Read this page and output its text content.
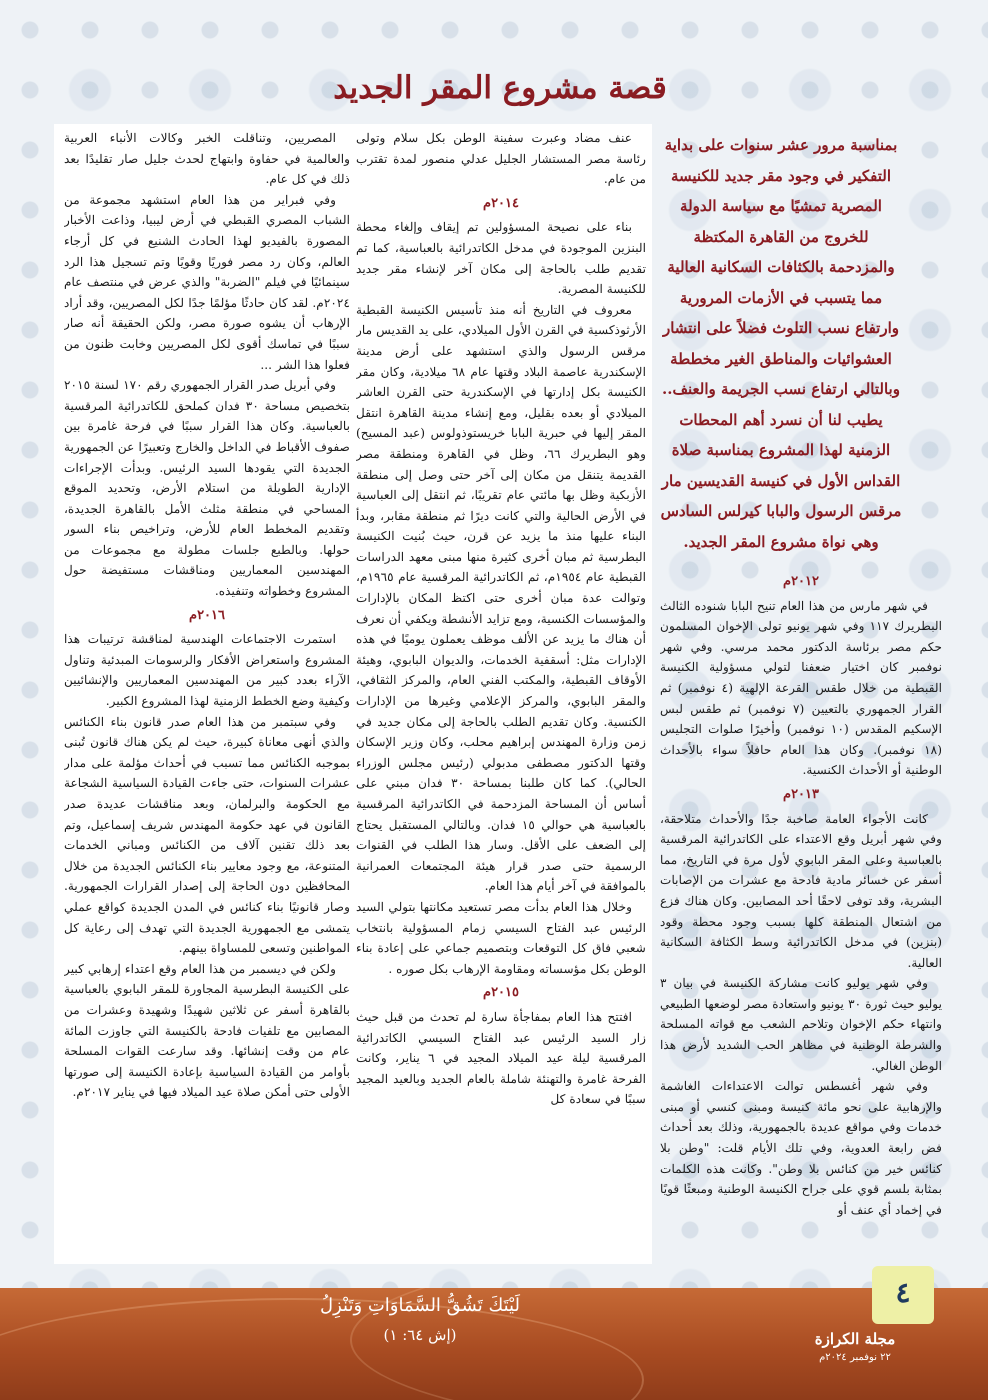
قصة مشروع المقر الجديد

بمناسبة مرور عشر سنوات على بداية التفكير في وجود مقر جديد للكنيسة المصرية تمشيًا مع سياسة الدولة للخروج من القاهرة المكتظة والمزدحمة بالكثافات السكانية العالية مما يتسبب في الأزمات المرورية وارتفاع نسب التلوث فضلاً على انتشار العشوائيات والمناطق الغير مخططة وبالتالي ارتفاع نسب الجريمة والعنف.. يطيب لنا أن نسرد أهم المحطات الزمنية لهذا المشروع بمناسبة صلاة القداس الأول في كنيسة القديسين مار مرقس الرسول والبابا كيرلس السادس وهي نواة مشروع المقر الجديد.

٢٠١٢م

في شهر مارس من هذا العام تنيح البابا شنوده الثالث البطريرك ١١٧ وفي شهر يونيو تولى الإخوان المسلمون حكم مصر برئاسة الدكتور محمد مرسي. وفي شهر نوفمبر كان اختيار ضعفنا لتولي مسؤولية الكنيسة القبطية من خلال طقس القرعة الإلهية (٤ نوفمبر) ثم القرار الجمهوري بالتعيين (٧ نوفمبر) ثم طقس لبس الإسكيم المقدس (١٠ نوفمبر) وأخيرًا صلوات التجليس (١٨ نوفمبر). وكان هذا العام حافلاً سواء بالأحداث الوطنية أو الأحداث الكنسية.

٢٠١٣م

كانت الأجواء العامة صاخبة جدًا والأحداث متلاحقة، وفي شهر أبريل وقع الاعتداء على الكاتدرائية المرقسية بالعباسية وعلى المقر البابوي لأول مرة في التاريخ، مما أسفر عن خسائر مادية فادحة مع عشرات من الإصابات البشرية، وقد توفى لاحقًا أحد المصابين. وكان هناك فزع من اشتعال المنطقة كلها بسبب وجود محطة وقود (بنزين) في مدخل الكاتدرائية وسط الكثافة السكانية العالية.

وفي شهر يوليو كانت مشاركة الكنيسة في بيان ٣ يوليو حيث ثورة ٣٠ يونيو واستعادة مصر لوضعها الطبيعي وانتهاء حكم الإخوان وتلاحم الشعب مع قواته المسلحة والشرطة الوطنية في مظاهر الحب الشديد لأرض هذا الوطن الغالي.

وفي شهر أغسطس توالت الاعتداءات الغاشمة والإرهابية على نحو مائة كنيسة ومبنى كنسي أو مبنى خدمات وفي مواقع عديدة بالجمهورية، وذلك بعد أحداث فض رابعة العدوية، وفي تلك الأيام قلت: "وطن بلا كنائس خير من كنائس بلا وطن". وكانت هذه الكلمات بمثابة بلسم قوي على جراح الكنيسة الوطنية ومبعثًا قويًا في إخماد أي عنف أو

عنف مضاد وعبرت سفينة الوطن بكل سلام وتولى رئاسة مصر المستشار الجليل عدلي منصور لمدة تقترب من عام.

٢٠١٤م

بناء على نصيحة المسؤولين تم إيقاف وإلغاء محطة البنزين الموجودة في مدخل الكاتدرائية بالعباسية، كما تم تقديم طلب بالحاجة إلى مكان آخر لإنشاء مقر جديد للكنيسة المصرية.

معروف في التاريخ أنه منذ تأسيس الكنيسة القبطية الأرثوذكسية في القرن الأول الميلادي، على يد القديس مار مرقس الرسول والذي استشهد على أرض مدينة الإسكندرية عاصمة البلاد وقتها عام ٦٨ ميلادية، وكان مقر الكنيسة بكل إدارتها في الإسكندرية حتى القرن العاشر الميلادي أو بعده بقليل، ومع إنشاء مدينة القاهرة انتقل المقر إليها في حبرية البابا خريستوذولوس (عبد المسيح) وهو البطريرك ٦٦، وظل في القاهرة ومنطقة مصر القديمة يتنقل من مكان إلى آخر حتى وصل إلى منطقة الأزبكية وظل بها مائتي عام تقريبًا، ثم انتقل إلى العباسية في الأرض الحالية والتي كانت ديرًا ثم منطقة مقابر، وبدأ البناء عليها منذ ما يزيد عن قرن، حيث بُنيت الكنيسة البطرسية ثم مبان أخرى كثيرة منها مبنى معهد الدراسات القبطية عام ١٩٥٤م، ثم الكاتدرائية المرقسية عام ١٩٦٥م، وتوالت عدة مبان أخرى حتى اكتظ المكان بالإدارات والمؤسسات الكنسية، ومع تزايد الأنشطة ويكفي أن نعرف أن هناك ما يزيد عن الألف موظف يعملون يوميًا في هذه الإدارات مثل: أسقفية الخدمات، والديوان البابوي، وهيئة الأوقاف القبطية، والمكتب الفني العام، والمركز الثقافي، والمقر البابوي، والمركز الإعلامي وغيرها من الإدارات الكنسية. وكان تقديم الطلب بالحاجة إلى مكان جديد في زمن وزارة المهندس إبراهيم محلب، وكان وزير الإسكان وقتها الدكتور مصطفى مدبولي (رئيس مجلس الوزراء الحالي). كما كان طلبنا بمساحة ٣٠ فدان مبني على أساس أن المساحة المزدحمة في الكاتدرائية المرقسية بالعباسية هي حوالي ١٥ فدان. وبالتالي المستقبل يحتاج إلى الضعف على الأقل. وسار هذا الطلب في القنوات الرسمية حتى صدر قرار هيئة المجتمعات العمرانية بالموافقة في آخر أيام هذا العام.

وخلال هذا العام بدأت مصر تستعيد مكانتها بتولي السيد الرئيس عبد الفتاح السيسي زمام المسؤولية بانتخاب شعبي فاق كل التوقعات وبتصميم جماعي على إعادة بناء الوطن بكل مؤسساته ومقاومة الإرهاب بكل صوره .

٢٠١٥م

افتتح هذا العام بمفاجأة سارة لم تحدث من قبل حيث زار السيد الرئيس عبد الفتاح السيسي الكاتدرائية المرقسية ليلة عيد الميلاد المجيد في ٦ يناير، وكانت الفرحة غامرة والتهنئة شاملة بالعام الجديد وبالعيد المجيد سببًا في سعادة كل

المصريين، وتناقلت الخبر وكالات الأنباء العربية والعالمية في حفاوة وابتهاج لحدث جليل صار تقليدًا بعد ذلك في كل عام.

وفي فبراير من هذا العام استشهد مجموعة من الشباب المصري القبطي في أرض ليبيا، وذاعت الأخبار المصورة بالفيديو لهذا الحادث الشنيع في كل أرجاء العالم، وكان رد مصر فوريًا وقويًا وتم تسجيل هذا الرد سينمائيًا في فيلم "الضربة" والذي عرض في منتصف عام ٢٠٢٤م. لقد كان حادثًا مؤلمًا جدًا لكل المصريين، وقد أراد الإرهاب أن يشوه صورة مصر، ولكن الحقيقة أنه صار سببًا في تماسك أقوى لكل المصريين وخابت ظنون من فعلوا هذا الشر ...

وفي أبريل صدر القرار الجمهوري رقم ١٧٠ لسنة ٢٠١٥ بتخصيص مساحة ٣٠ فدان كملحق للكاتدرائية المرقسية بالعباسية. وكان هذا القرار سببًا في فرحة غامرة بين صفوف الأقباط في الداخل والخارج وتعبيرًا عن الجمهورية الجديدة التي يقودها السيد الرئيس. وبدأت الإجراءات الإدارية الطويلة من استلام الأرض، وتحديد الموقع المساحي في منطقة مثلث الأمل بالقاهرة الجديدة، وتقديم المخطط العام للأرض، وتراخيص بناء السور حولها. وبالطبع جلسات مطولة مع مجموعات من المهندسين المعماريين ومناقشات مستفيضة حول المشروع وخطواته وتنفيذه.

٢٠١٦م

استمرت الاجتماعات الهندسية لمناقشة ترتيبات هذا المشروع واستعراض الأفكار والرسومات المبدئية وتناول الآراء بعدد كبير من المهندسين المعماريين والإنشائيين وكيفية وضع الخطط الزمنية لهذا المشروع الكبير.

وفي سبتمبر من هذا العام صدر قانون بناء الكنائس والذي أنهى معاناة كبيرة، حيث لم يكن هناك قانون تُبنى بموجبه الكنائس مما تسبب في أحداث مؤلمة على مدار عشرات السنوات، حتى جاءت القيادة السياسية الشجاعة مع الحكومة والبرلمان، وبعد مناقشات عديدة صدر القانون في عهد حكومة المهندس شريف إسماعيل، وتم بعد ذلك تقنين آلاف من الكنائس ومباني الخدمات المتنوعة، مع وجود معايير بناء الكنائس الجديدة من خلال المحافظين دون الحاجة إلى إصدار القرارات الجمهورية. وصار قانونيًا بناء كنائس في المدن الجديدة كواقع عملي يتمشى مع الجمهورية الجديدة التي تهدف إلى رعاية كل المواطنين وتسعى للمساواة بينهم.

ولكن في ديسمبر من هذا العام وقع اعتداء إرهابي كبير على الكنيسة البطرسية المجاورة للمقر البابوي بالعباسية بالقاهرة أسفر عن ثلاثين شهيدًا وشهيدة وعشرات من المصابين مع تلفيات فادحة بالكنيسة التي جاوزت المائة عام من وقت إنشائها. وقد سارعت القوات المسلحة بأوامر من القيادة السياسية بإعادة الكنيسة إلى صورتها الأولى حتى أمكن صلاة عيد الميلاد فيها في يناير ٢٠١٧م.

لَيْتَكَ تَشُقُّ السَّمَاوَاتِ وَتَنْزِلُ
(إش ٦٤: ١)
٤
مجلة الكرازة
٢٢ نوفمبر ٢٠٢٤م
